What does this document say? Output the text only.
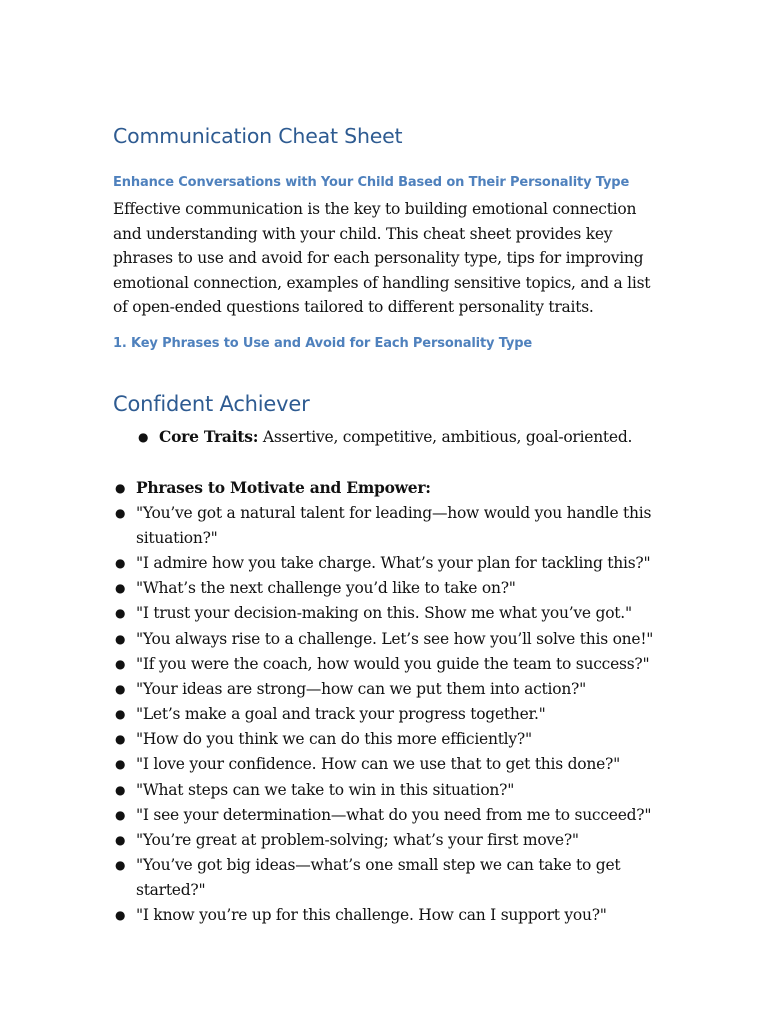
Communication Cheat Sheet
Enhance Conversations with Your Child Based on Their Personality Type

Effective communication is the key to building emotional connection and understanding with your child. This cheat sheet provides key phrases to use and avoid for each personality type, tips for improving emotional connection, examples of handling sensitive topics, and a list of open-ended questions tailored to different personality traits.

1. Key Phrases to Use and Avoid for Each Personality Type
Confident Achiever
● Core Traits: Assertive, competitive, ambitious, goal-oriented.
● Phrases to Motivate and Empower:
● "You’ve got a natural talent for leading—how would you handle this situation?"
● "I admire how you take charge. What’s your plan for tackling this?"
● "What’s the next challenge you’d like to take on?"
● "I trust your decision-making on this. Show me what you’ve got."
● "You always rise to a challenge. Let’s see how you’ll solve this one!"
● "If you were the coach, how would you guide the team to success?"
● "Your ideas are strong—how can we put them into action?"
● "Let’s make a goal and track your progress together."
● "How do you think we can do this more efficiently?"
● "I love your confidence. How can we use that to get this done?"
● "What steps can we take to win in this situation?"
● "I see your determination—what do you need from me to succeed?"
● "You’re great at problem-solving; what’s your first move?"
● "You’ve got big ideas—what’s one small step we can take to get started?"
● "I know you’re up for this challenge. How can I support you?"
